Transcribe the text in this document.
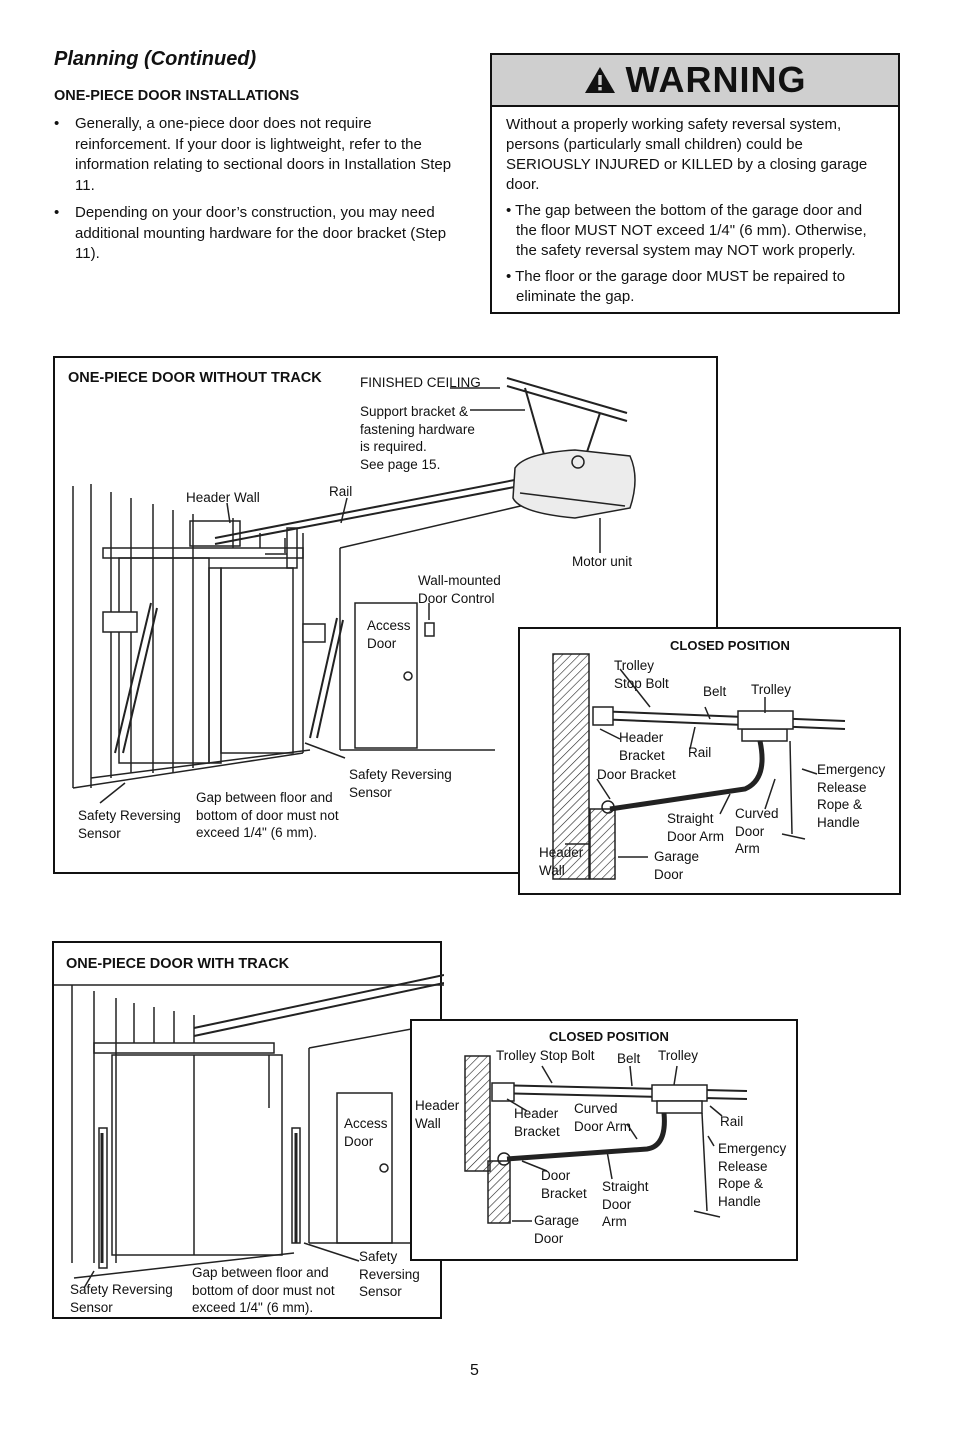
Planning (Continued)
ONE-PIECE DOOR INSTALLATIONS
• Generally, a one-piece door does not require reinforcement. If your door is lightweight, refer to the information relating to sectional doors in Installation Step 11.
• Depending on your door’s construction, you may need additional mounting hardware for the door bracket (Step 11).
WARNING

Without a properly working safety reversal system, persons (particularly small children) could be SERIOUSLY INJURED or KILLED by a closing garage door.

• The gap between the bottom of the garage door and the floor MUST NOT exceed 1/4" (6 mm). Otherwise, the safety reversal system may NOT work properly.
• The floor or the garage door MUST be repaired to eliminate the gap.
ONE-PIECE DOOR WITHOUT TRACK	FINISHED CEILING
Support bracket &
fastening hardware
is required.
See page 15.
Header Wall	Rail
Motor unit
Wall-mounted
Door Control
Access
Door
Safety Reversing
Sensor
Safety Reversing
Sensor
Gap between floor and
bottom of door must not
exceed 1/4" (6 mm).
CLOSED POSITION
Trolley
Stop Bolt
Belt Trolley
Header
Bracket Rail
Door Bracket	Emergency
Release
Rope &
Handle
Straight
Door Arm
Curved
Door
Arm
Header
Wall
Garage
Door
ONE-PIECE DOOR WITH TRACK
Access
Door
Safety
Reversing
Sensor
Safety Reversing
Sensor
Gap between floor and
bottom of door must not
exceed 1/4" (6 mm).
CLOSED POSITION
Trolley Stop Bolt Belt Trolley
Header
Wall
Header
Bracket
Curved
Door Arm	Rail
Emergency
Release
Rope &
Handle
Door
Bracket Straight
Door
Arm
Garage
Door
5
